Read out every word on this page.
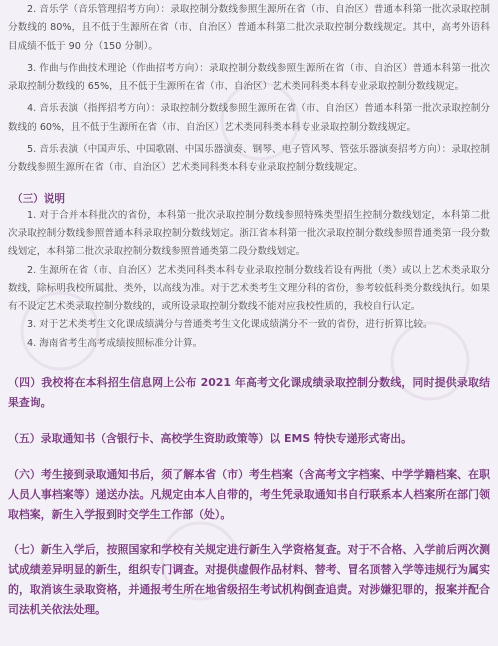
2. 音乐学（音乐管理招考方向）：录取控制分数线参照生源所在省（市、自治区）普通本科第一批次录取控制分数线的 80%，且不低于生源所在省（市、自治区）普通本科第二批次录取控制分数线规定。其中，高考外语科目成绩不低于 90 分（150 分制）。

3. 作曲与作曲技术理论（作曲招考方向）：录取控制分数线参照生源所在省（市、自治区）普通本科第一批次录取控制分数线的 65%，且不低于生源所在省（市、自治区）艺术类同科类本科专业录取控制分数线规定。

4. 音乐表演（指挥招考方向）：录取控制分数线参照生源所在省（市、自治区）普通本科第一批次录取控制分数线的 60%，且不低于生源所在省（市、自治区）艺术类同科类本科专业录取控制分数线规定。

5. 音乐表演（中国声乐、中国歌剧、中国乐器演奏、钢琴、电子管风琴、管弦乐器演奏招考方向）：录取控制分数线参照生源所在省（市、自治区）艺术类同科类本科专业录取控制分数线规定。

（三）说明

1. 对于合并本科批次的省份，本科第一批次录取控制分数线参照特殊类型招生控制分数线划定，本科第二批次录取控制分数线参照普通本科录取控制分数线划定。浙江省本科第一批次录取控制分数线参照普通类第一段分数线划定，本科第二批次录取控制分数线参照普通类第二段分数线划定。

2. 生源所在省（市、自治区）艺术类同科类本科专业录取控制分数线若设有两批（类）或以上艺术类录取分数线，除标明我校所属批、类外，以高线为准。对于艺术类考生文理分科的省份，参考较低科类分数线执行。如果有不设定艺术类录取控制分数线的，或所设录取控制分数线不能对应我校性质的，我校自行认定。

3. 对于艺术类考生文化课成绩满分与普通类考生文化课成绩满分不一致的省份，进行折算比较。

4. 海南省考生高考成绩按照标准分计算。

（四）我校将在本科招生信息网上公布 2021 年高考文化课成绩录取控制分数线，同时提供录取结果查询。

（五）录取通知书（含银行卡、高校学生资助政策等）以 EMS 特快专递形式寄出。

（六）考生接到录取通知书后，须了解本省（市）考生档案（含高考文字档案、中学学籍档案、在职人员人事档案等）递送办法。凡规定由本人自带的，考生凭录取通知书自行联系本人档案所在部门领取档案，新生入学报到时交学生工作部（处）。

（七）新生入学后，按照国家和学校有关规定进行新生入学资格复查。对于不合格、入学前后两次测试成绩差异明显的新生，组织专门调查。对提供虚假作品材料、替考、冒名顶替入学等违规行为属实的，取消该生录取资格，并通报考生所在地省级招生考试机构倒查追责。对涉嫌犯罪的，报案并配合司法机关依法处理。
